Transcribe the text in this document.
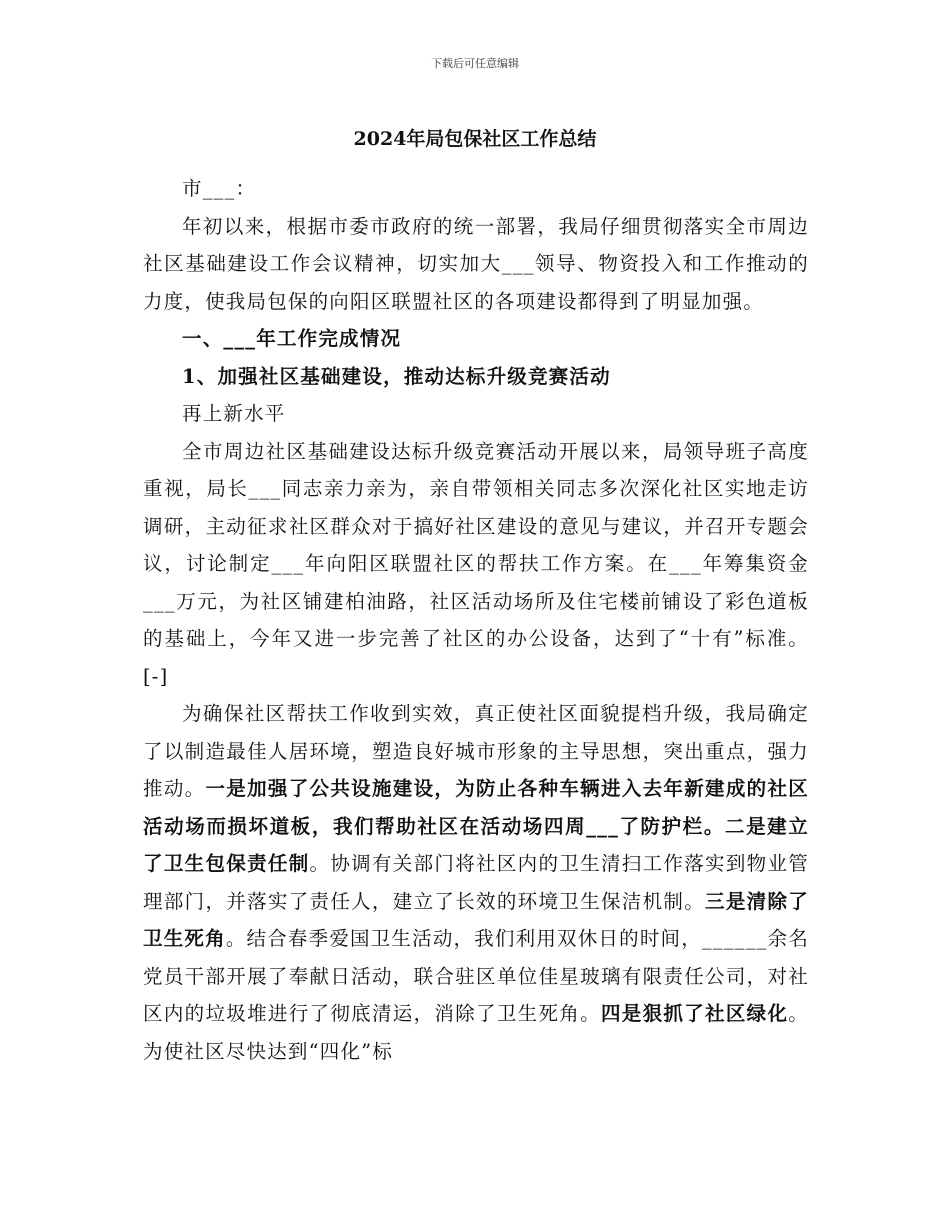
下载后可任意编辑
2024年局包保社区工作总结

市___：

年初以来，根据市委市政府的统一部署，我局仔细贯彻落实全市周边社区基础建设工作会议精神，切实加大___领导、物资投入和工作推动的力度，使我局包保的向阳区联盟社区的各项建设都得到了明显加强。

一、___年工作完成情况

1、加强社区基础建设，推动达标升级竞赛活动

再上新水平

全市周边社区基础建设达标升级竞赛活动开展以来，局领导班子高度重视，局长___同志亲力亲为，亲自带领相关同志多次深化社区实地走访调研，主动征求社区群众对于搞好社区建设的意见与建议，并召开专题会议，讨论制定___年向阳区联盟社区的帮扶工作方案。在___年筹集资金___万元，为社区铺建柏油路，社区活动场所及住宅楼前铺设了彩色道板的基础上，今年又进一步完善了社区的办公设备，达到了“十有”标准。[-]

为确保社区帮扶工作收到实效，真正使社区面貌提档升级，我局确定了以制造最佳人居环境，塑造良好城市形象的主导思想，突出重点，强力推动。一是加强了公共设施建设，为防止各种车辆进入去年新建成的社区活动场而损坏道板，我们帮助社区在活动场四周___了防护栏。二是建立了卫生包保责任制。协调有关部门将社区内的卫生清扫工作落实到物业管理部门，并落实了责任人，建立了长效的环境卫生保洁机制。三是清除了卫生死角。结合春季爱国卫生活动，我们利用双休日的时间，______余名党员干部开展了奉献日活动，联合驻区单位佳星玻璃有限责任公司，对社区内的垃圾堆进行了彻底清运，消除了卫生死角。四是狠抓了社区绿化。为使社区尽快达到“四化”标
